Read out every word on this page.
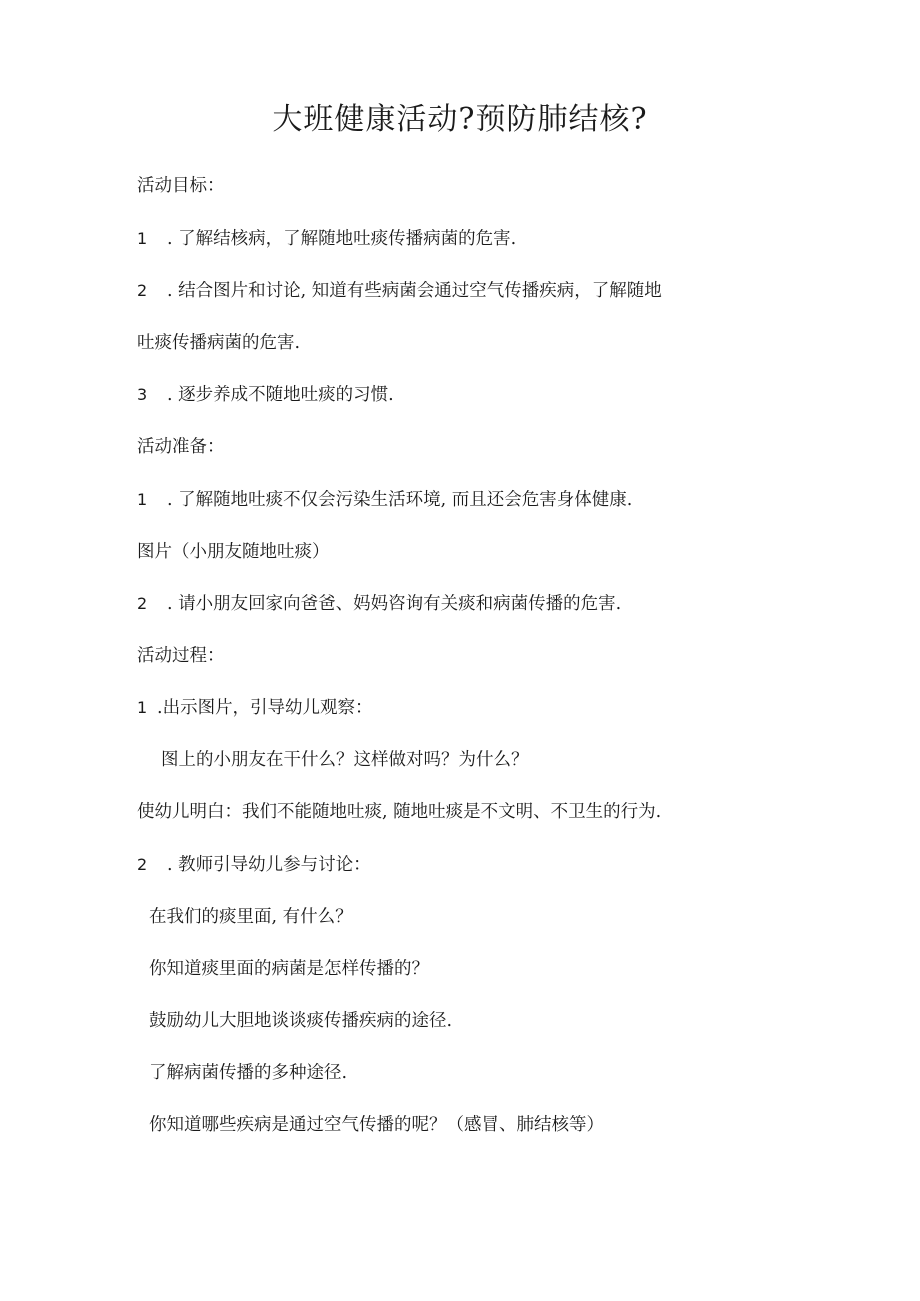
大班健康活动?预防肺结核?
活动目标：
1 . 了解结核病，了解随地吐痰传播病菌的危害.
2 . 结合图片和讨论, 知道有些病菌会通过空气传播疾病，了解随地
吐痰传播病菌的危害.
3 . 逐步养成不随地吐痰的习惯.
活动准备：
1 . 了解随地吐痰不仅会污染生活环境, 而且还会危害身体健康.
图片（小朋友随地吐痰）
2 . 请小朋友回家向爸爸、妈妈咨询有关痰和病菌传播的危害.
活动过程：
1 .出示图片，引导幼儿观察：
图上的小朋友在干什么？这样做对吗？为什么？
使幼儿明白：我们不能随地吐痰, 随地吐痰是不文明、不卫生的行为.
2 . 教师引导幼儿参与讨论：
在我们的痰里面, 有什么？
你知道痰里面的病菌是怎样传播的？
鼓励幼儿大胆地谈谈痰传播疾病的途径.
了解病菌传播的多种途径.
你知道哪些疾病是通过空气传播的呢？（感冒、肺结核等）
